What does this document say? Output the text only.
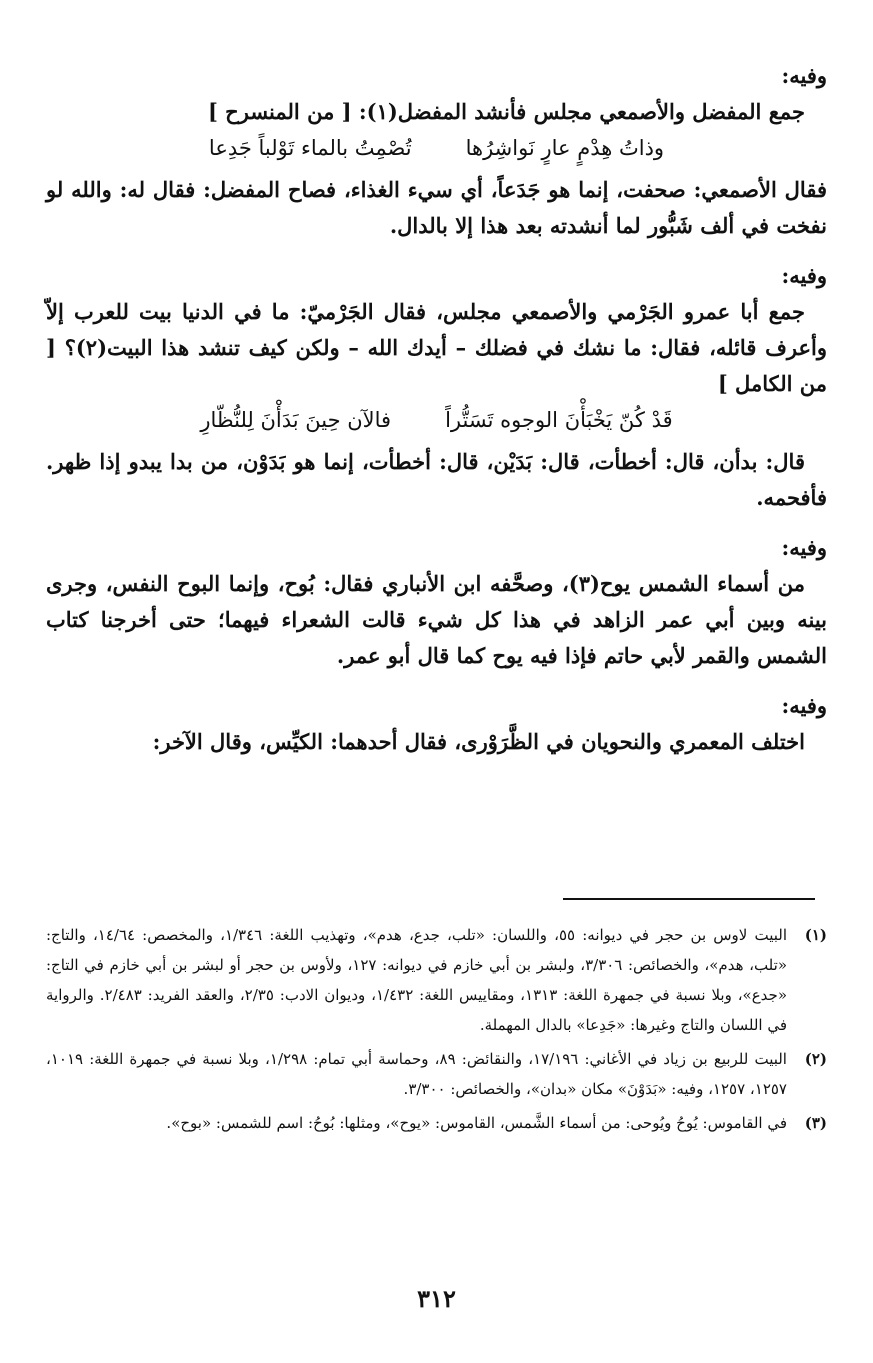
وفيه:

جمع المفضل والأصمعي مجلس فأنشد المفضل(١): [ من المنسرح ]

وذاتُ هِدْمٍ عارٍ نَواشِرُها
تُصْمِتُ بالماء تَوْلباً جَدِعا

فقال الأصمعي: صحفت، إنما هو جَدَعاً، أي سيء الغذاء، فصاح المفضل: فقال له: والله لو نفخت في ألف شَبُّور لما أنشدته بعد هذا إلا بالدال.

وفيه:

جمع أبا عمرو الجَرْمي والأصمعي مجلس، فقال الجَرْميّ: ما في الدنيا بيت للعرب إلاّ وأعرف قائله، فقال: ما نشك في فضلك – أيدك الله – ولكن كيف تنشد هذا البيت(٢)؟ [ من الكامل ]

قَدْ كُنّ يَخْبَأْنَ الوجوه تَسَتُّراً
فالآن حِينَ بَدَأْنَ لِلنُّظّارِ

قال: بدأن، قال: أخطأت، قال: بَدَيْن، قال: أخطأت، إنما هو بَدَوْن، من بدا يبدو إذا ظهر. فأفحمه.

وفيه:

من أسماء الشمس يوح(٣)، وصحَّفه ابن الأنباري فقال: بُوح، وإنما البوح النفس، وجرى بينه وبين أبي عمر الزاهد في هذا كل شيء قالت الشعراء فيهما؛ حتى أخرجنا كتاب الشمس والقمر لأبي حاتم فإذا فيه يوح كما قال أبو عمر.

وفيه:

اختلف المعمري والنحويان في الظَّرَوْرى، فقال أحدهما: الكيِّس، وقال الآخر:

(١)
البيت لاوس بن حجر في ديوانه: ٥٥، واللسان: «تلب، جدع، هدم»، وتهذيب اللغة: ١/٣٤٦، والمخصص: ١٤/٦٤، والتاج: «تلب، هدم»، والخصائص: ٣/٣٠٦، ولبشر بن أبي خازم في ديوانه: ١٢٧، ولأوس بن حجر أو لبشر بن أبي خازم في التاج: «جدع»، وبلا نسبة في جمهرة اللغة: ١٣١٣، ومقاييس اللغة: ١/٤٣٢، وديوان الادب: ٢/٣٥، والعقد الفريد: ٢/٤٨٣. والرواية في اللسان والتاج وغيرها: «جَدِعا» بالدال المهملة.
(٢)
البيت للربيع بن زياد في الأغاني: ١٧/١٩٦، والنقائض: ٨٩، وحماسة أبي تمام: ١/٢٩٨، وبلا نسبة في جمهرة اللغة: ١٠١٩، ١٢٥٧، ١٢٥٧، وفيه: «بَدَوْنَ» مكان «بدان»، والخصائص: ٣/٣٠٠.
(٣)
في القاموس: يُوحُ ويُوحى: من أسماء الشَّمس، القاموس: «يوح»، ومثلها: بُوحُ: اسم للشمس: «بوح».
٣١٢
